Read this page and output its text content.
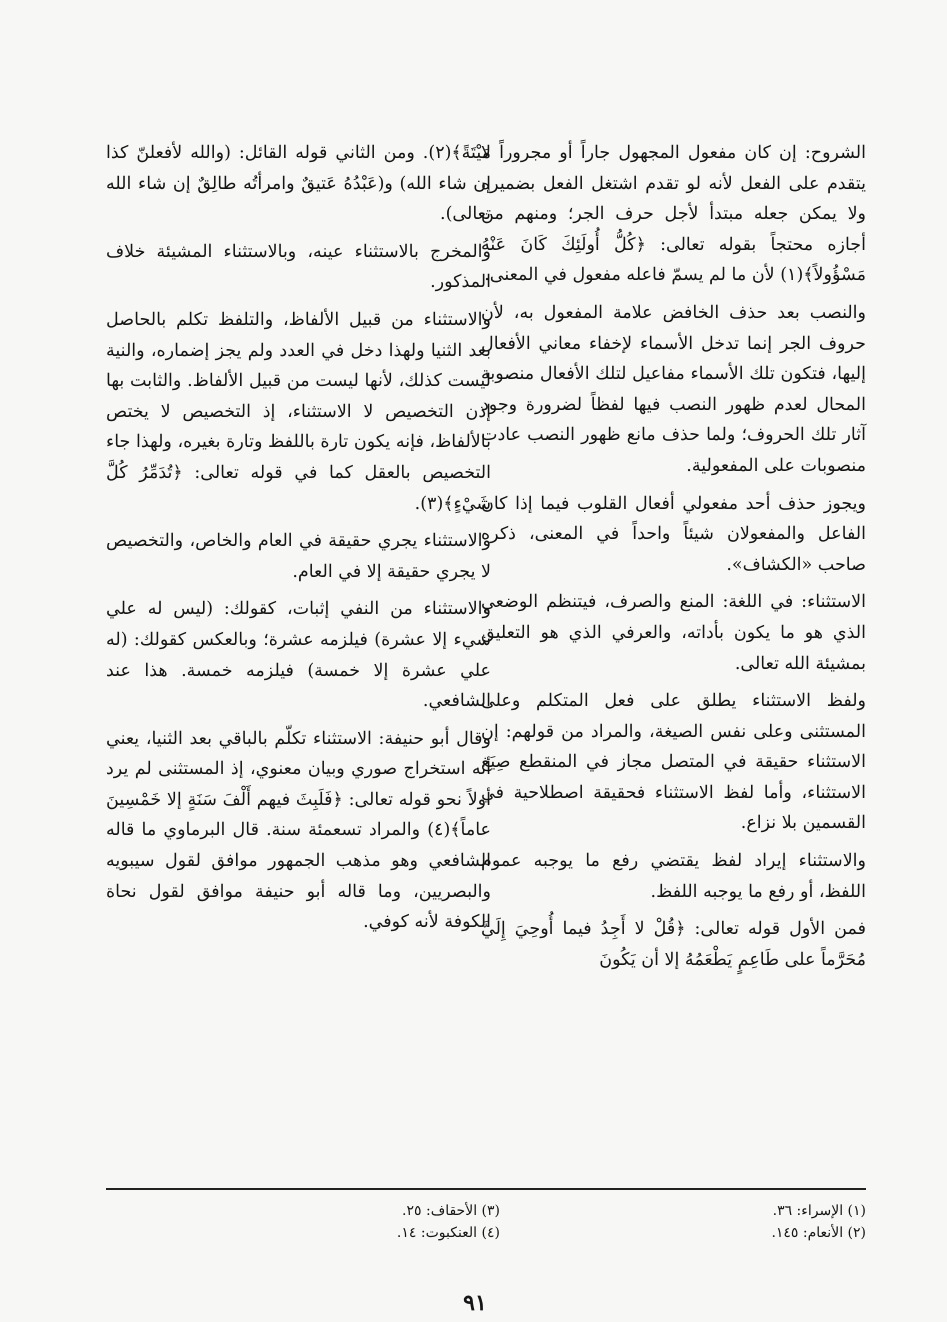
الشروح: إن كان مفعول المجهول جاراً أو مجروراً لا يتقدم على الفعل لأنه لو تقدم اشتغل الفعل بضميره ولا يمكن جعله مبتدأ لأجل حرف الجر؛ ومنهم من أجازه محتجاً بقوله تعالى: ﴿كُلُّ أُولَئِكَ كَانَ عَنْهُ مَسْؤُولاً﴾(١) لأن ما لم يسمّ فاعله مفعول في المعنى.

والنصب بعد حذف الخافض علامة المفعول به، لأن حروف الجر إنما تدخل الأسماء لإخفاء معاني الأفعال إليها، فتكون تلك الأسماء مفاعيل لتلك الأفعال منصوبة المحال لعدم ظهور النصب فيها لفظاً لضرورة وجود آثار تلك الحروف؛ ولما حذف مانع ظهور النصب عادت منصوبات على المفعولية.

ويجوز حذف أحد مفعولي أفعال القلوب فيما إذا كان الفاعل والمفعولان شيئاً واحداً في المعنى، ذكره صاحب «الكشاف».

الاستثناء: في اللغة: المنع والصرف، فيتنظم الوضعي الذي هو ما يكون بأداته، والعرفي الذي هو التعليق بمشيئة الله تعالى.

ولفظ الاستثناء يطلق على فعل المتكلم وعلى المستثنى وعلى نفس الصيغة، والمراد من قولهم: إن الاستثناء حقيقة في المتصل مجاز في المنقطع صِيَغ الاستثناء، وأما لفظ الاستثناء فحقيقة اصطلاحية في القسمين بلا نزاع.

والاستثناء إيراد لفظ يقتضي رفع ما يوجبه عموم اللفظ، أو رفع ما يوجبه اللفظ.

فمن الأول قوله تعالى: ﴿قُلْ لا أَجِدُ فيما أُوحِيَ إِلَيَّ مُحَرَّماً على طَاعِمٍ يَطْعَمُهُ إلا أن يَكُونَ

مَيْتَةً﴾(٢). ومن الثاني قوله القائل: (والله لأفعلنّ كذا إن شاء الله) و(عَبْدُهُ عَتيقٌ وامرأتُه طالِقٌ إن شاء الله تعالى).

والمخرج بالاستثناء عينه، وبالاستثناء المشيئة خلاف المذكور.

والاستثناء من قبيل الألفاظ، والتلفظ تكلم بالحاصل بعد الثنيا ولهذا دخل في العدد ولم يجز إضماره، والنية ليست كذلك، لأنها ليست من قبيل الألفاظ. والثابت بها إذن التخصيص لا الاستثناء، إذ التخصيص لا يختص بالألفاظ، فإنه يكون تارة باللفظ وتارة بغيره، ولهذا جاء التخصيص بالعقل كما في قوله تعالى: ﴿تُدَمِّرُ كُلَّ شَيْءٍ﴾(٣).

والاستثناء يجري حقيقة في العام والخاص، والتخصيص لا يجري حقيقة إلا في العام.

والاستثناء من النفي إثبات، كقولك: (ليس له علي شيء إلا عشرة) فيلزمه عشرة؛ وبالعكس كقولك: (له علي عشرة إلا خمسة) فيلزمه خمسة. هذا عند الشافعي.

وقال أبو حنيفة: الاستثناء تكلّم بالباقي بعد الثنيا، يعني أنه استخراج صوري وبيان معنوي، إذ المستثنى لم يرد أولاً نحو قوله تعالى: ﴿فَلَبِثَ فيهم أَلْفَ سَنَةٍ إلا خَمْسِينَ عاماً﴾(٤) والمراد تسعمئة سنة. قال البرماوي ما قاله الشافعي وهو مذهب الجمهور موافق لقول سيبويه والبصريين، وما قاله أبو حنيفة موافق لقول نحاة الكوفة لأنه كوفي.

(١) الإسراء: ٣٦.
(٢) الأنعام: ١٤٥.
(٣) الأحقاف: ٢٥.
(٤) العنكبوت: ١٤.
٩١
